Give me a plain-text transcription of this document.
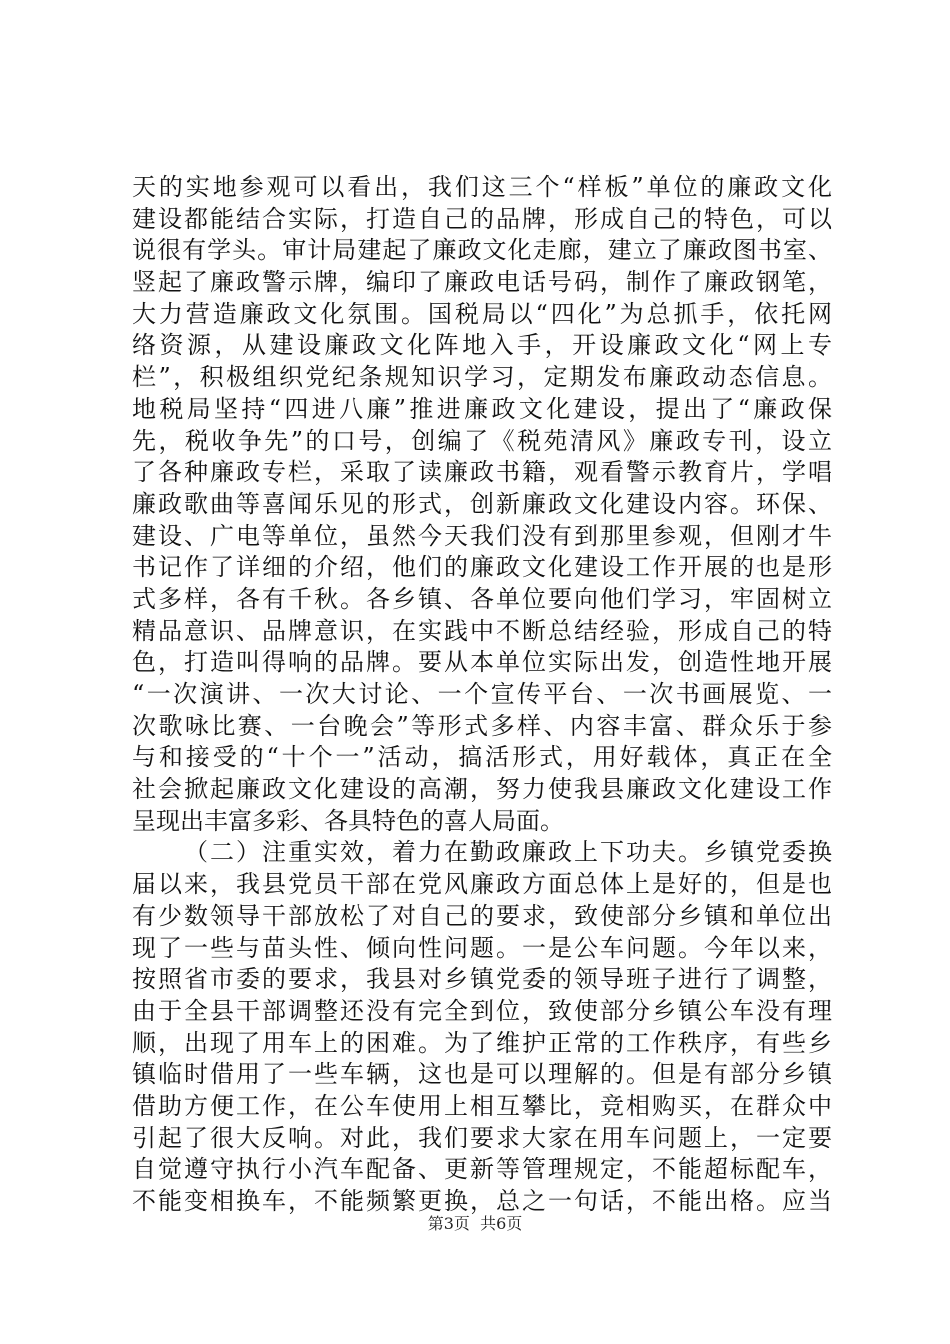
天的实地参观可以看出，我们这三个“样板”单位的廉政文化
建设都能结合实际，打造自己的品牌，形成自己的特色，可以
说很有学头。审计局建起了廉政文化走廊，建立了廉政图书室、
竖起了廉政警示牌，编印了廉政电话号码，制作了廉政钢笔，
大力营造廉政文化氛围。国税局以“四化”为总抓手，依托网
络资源，从建设廉政文化阵地入手，开设廉政文化“网上专
栏”，积极组织党纪条规知识学习，定期发布廉政动态信息。
地税局坚持“四进八廉”推进廉政文化建设，提出了“廉政保
先，税收争先”的口号，创编了《税苑清风》廉政专刊，设立
了各种廉政专栏，采取了读廉政书籍，观看警示教育片，学唱
廉政歌曲等喜闻乐见的形式，创新廉政文化建设内容。环保、
建设、广电等单位，虽然今天我们没有到那里参观，但刚才牛
书记作了详细的介绍，他们的廉政文化建设工作开展的也是形
式多样，各有千秋。各乡镇、各单位要向他们学习，牢固树立
精品意识、品牌意识，在实践中不断总结经验，形成自己的特
色，打造叫得响的品牌。要从本单位实际出发，创造性地开展
“一次演讲、一次大讨论、一个宣传平台、一次书画展览、一
次歌咏比赛、一台晚会”等形式多样、内容丰富、群众乐于参
与和接受的“十个一”活动，搞活形式，用好载体，真正在全
社会掀起廉政文化建设的高潮，努力使我县廉政文化建设工作
呈现出丰富多彩、各具特色的喜人局面。
（二）注重实效，着力在勤政廉政上下功夫。乡镇党委换
届以来，我县党员干部在党风廉政方面总体上是好的，但是也
有少数领导干部放松了对自己的要求，致使部分乡镇和单位出
现了一些与苗头性、倾向性问题。一是公车问题。今年以来，
按照省市委的要求，我县对乡镇党委的领导班子进行了调整，
由于全县干部调整还没有完全到位，致使部分乡镇公车没有理
顺，出现了用车上的困难。为了维护正常的工作秩序，有些乡
镇临时借用了一些车辆，这也是可以理解的。但是有部分乡镇
借助方便工作，在公车使用上相互攀比，竞相购买，在群众中
引起了很大反响。对此，我们要求大家在用车问题上，一定要
自觉遵守执行小汽车配备、更新等管理规定，不能超标配车，
不能变相换车，不能频繁更换，总之一句话，不能出格。应当
第3页  共6页
